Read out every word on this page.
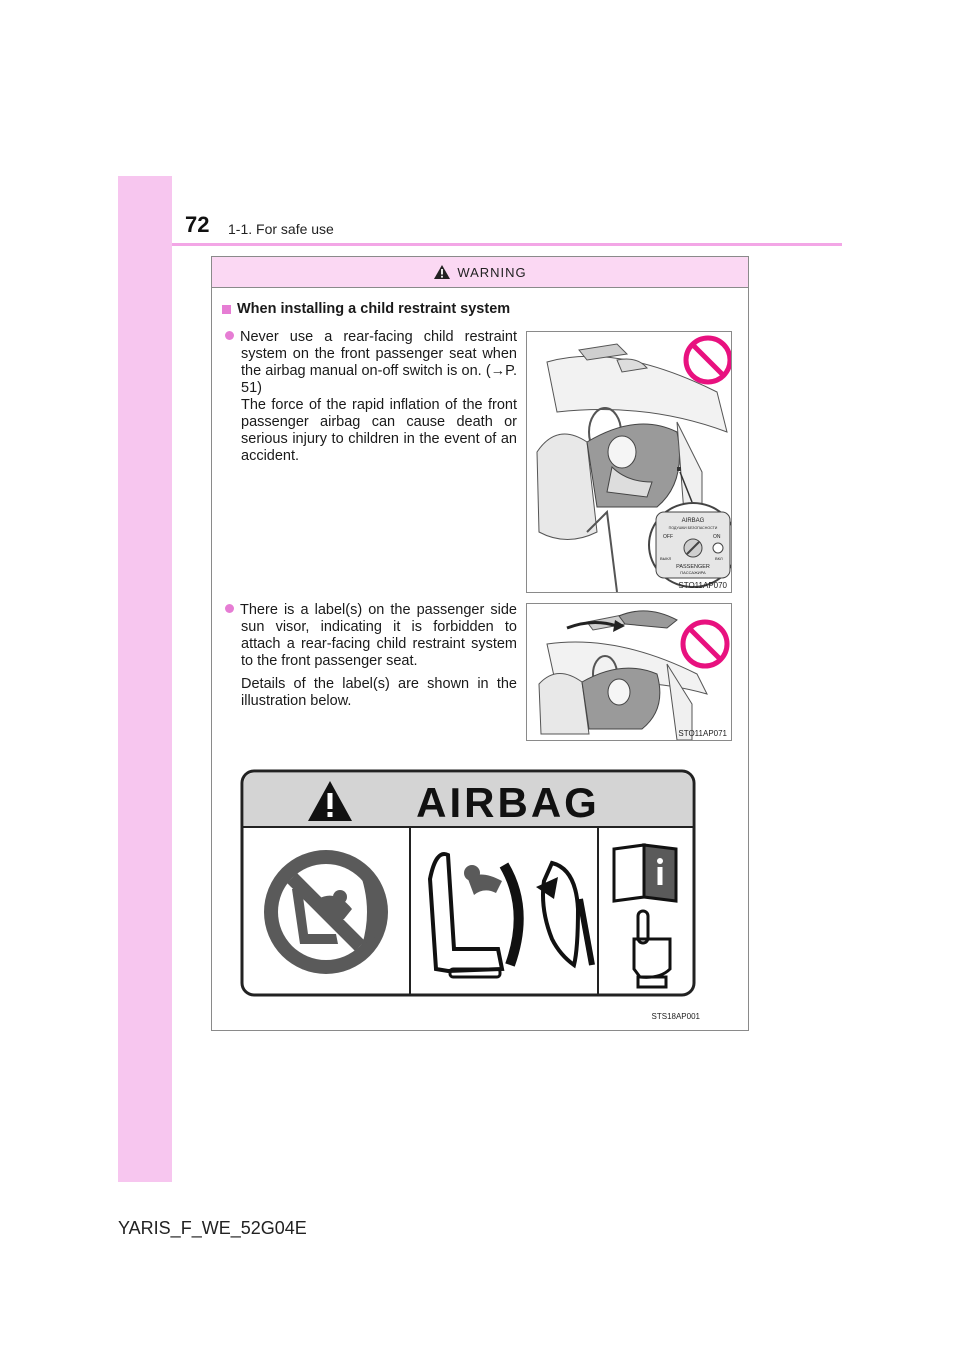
72 1-1. For safe use
WARNING
When installing a child restraint system

Never use a rear-facing child restraint system on the front passenger seat when the airbag manual on-off switch is on. (→P. 51)

The force of the rapid inflation of the front passenger airbag can cause death or serious injury to children in the event of an accident.

AIRBAG
ПОДУШКИ БЕЗОПАСНОСТИ
OFF	ON
ВЫКЛ	ВКЛ
PASSENGER
ПАССАЖИРА
STO11AP070

There is a label(s) on the passenger side sun visor, indicating it is forbidden to attach a rear-facing child restraint system to the front passenger seat.

Details of the label(s) are shown in the illustration below.

STO11AP071
AIRBAG
STS18AP001
YARIS_F_WE_52G04E
